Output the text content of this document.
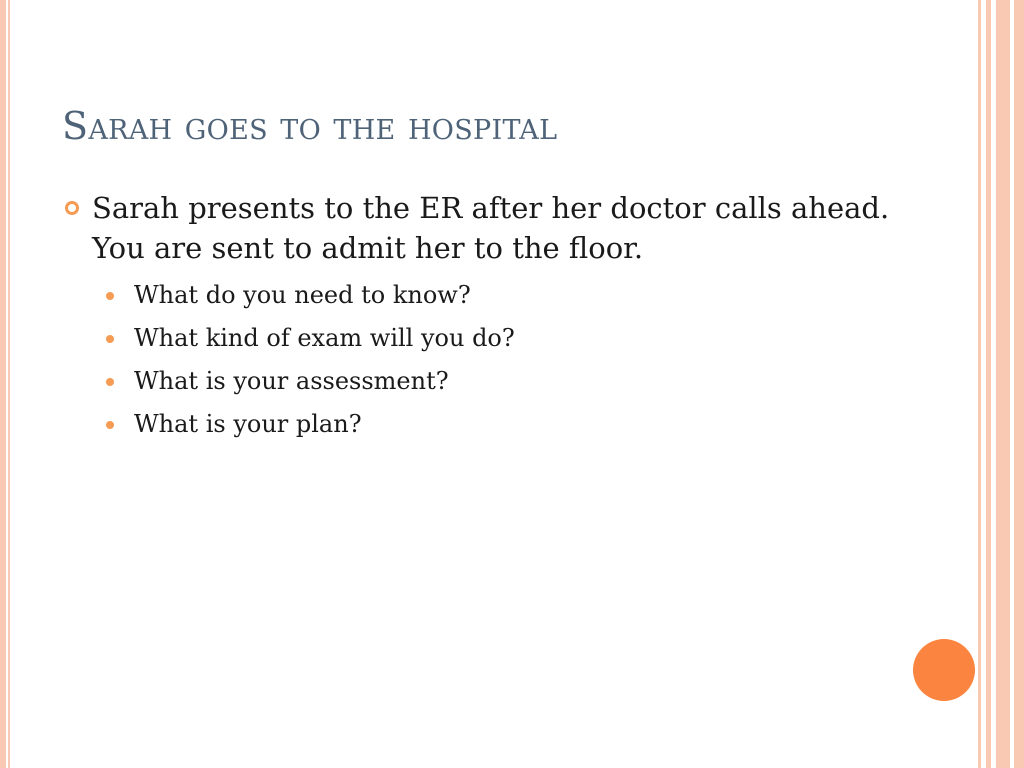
Sarah goes to the hospital

Sarah presents to the ER after her doctor calls ahead. You are sent to admit her to the floor.

What do you need to know?
What kind of exam will you do?
What is your assessment?
What is your plan?
